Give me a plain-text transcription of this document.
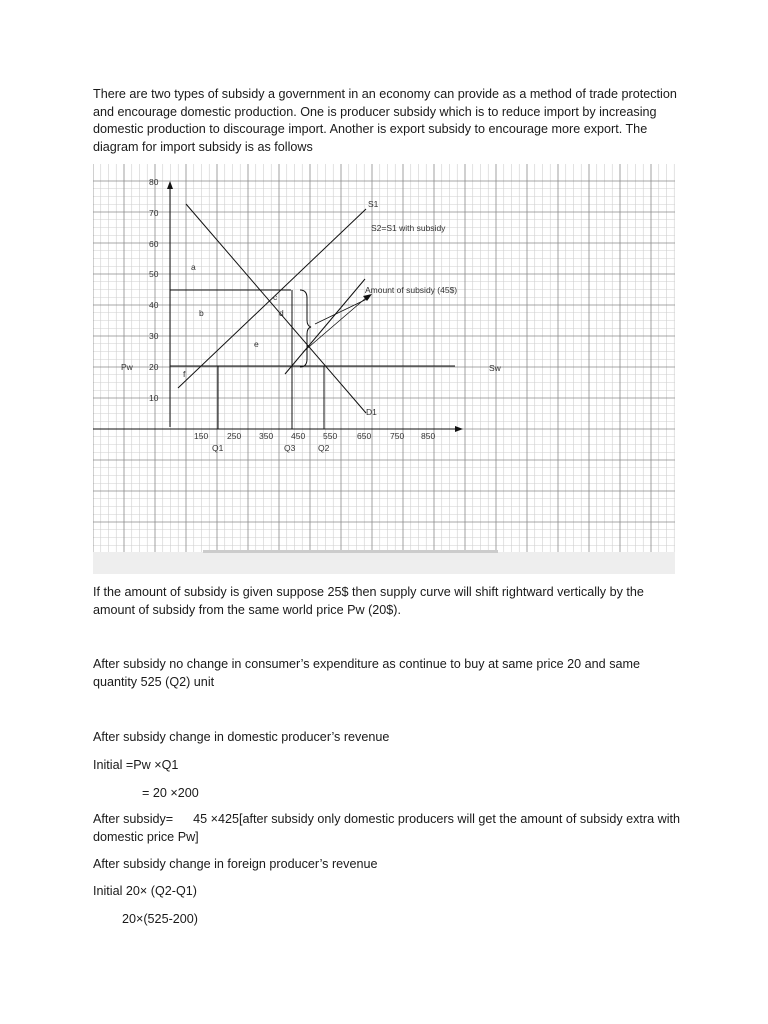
There are two types of subsidy a government in an economy can provide as a method of trade protection and encourage domestic production. One is producer subsidy which is to reduce import by increasing domestic production to discourage import. Another is export subsidy to encourage more export. The diagram for import subsidy is as follows

80
70
60
50
40
30
20
10
Pw
150 250 350 450 550 650 750 850
Q1	Q3	Q2
S1
S2=S1 with subsidy
Amount of subsidy (45$)
D1
Sw
a
b
c
d
e
f

If the amount of subsidy is given suppose 25$ then supply curve will shift rightward vertically by the amount of subsidy from the same world price Pw (20$).

After subsidy no change in consumer’s expenditure as continue to buy at same price 20 and same quantity 525 (Q2) unit

After subsidy change in domestic producer’s revenue

Initial =Pw ×Q1

= 20 ×200

After subsidy= 45 ×425[after subsidy only domestic producers will get the amount of subsidy extra with domestic price Pw]

After subsidy change in foreign producer’s revenue

Initial 20× (Q2-Q1)

20×(525-200)
